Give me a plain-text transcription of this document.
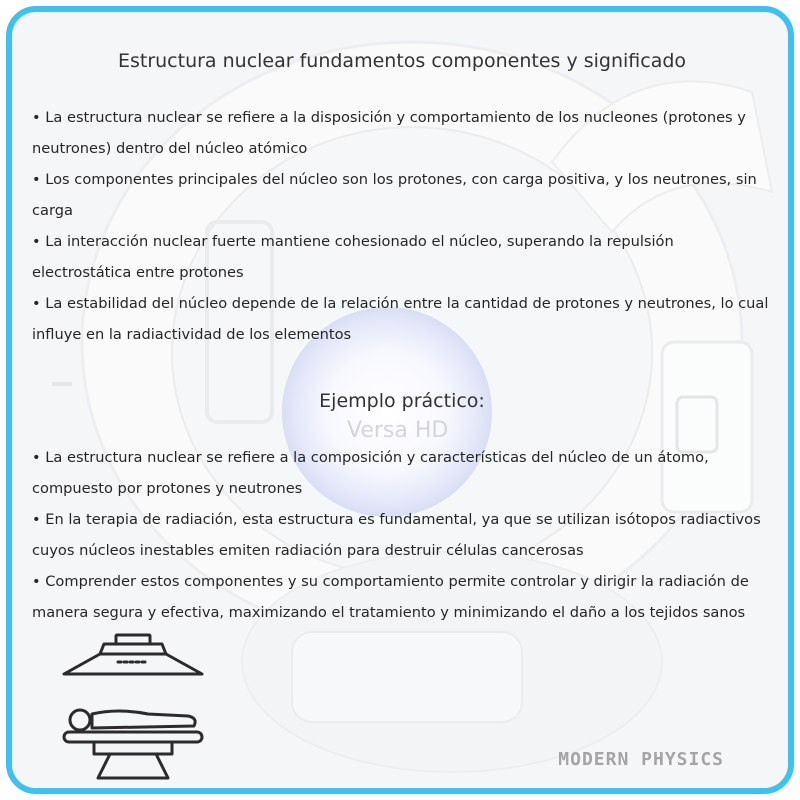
Estructura nuclear fundamentos componentes y significado
• La estructura nuclear se refiere a la disposición y comportamiento de los nucleones (protones y neutrones) dentro del núcleo atómico
• Los componentes principales del núcleo son los protones, con carga positiva, y los neutrones, sin carga
• La interacción nuclear fuerte mantiene cohesionado el núcleo, superando la repulsión electrostática entre protones
• La estabilidad del núcleo depende de la relación entre la cantidad de protones y neutrones, lo cual influye en la radiactividad de los elementos
Ejemplo práctico:
• La estructura nuclear se refiere a la composición y características del núcleo de un átomo, compuesto por protones y neutrones
• En la terapia de radiación, esta estructura es fundamental, ya que se utilizan isótopos radiactivos cuyos núcleos inestables emiten radiación para destruir células cancerosas
• Comprender estos componentes y su comportamiento permite controlar y dirigir la radiación de manera segura y efectiva, maximizando el tratamiento y minimizando el daño a los tejidos sanos
MODERN PHYSICS
